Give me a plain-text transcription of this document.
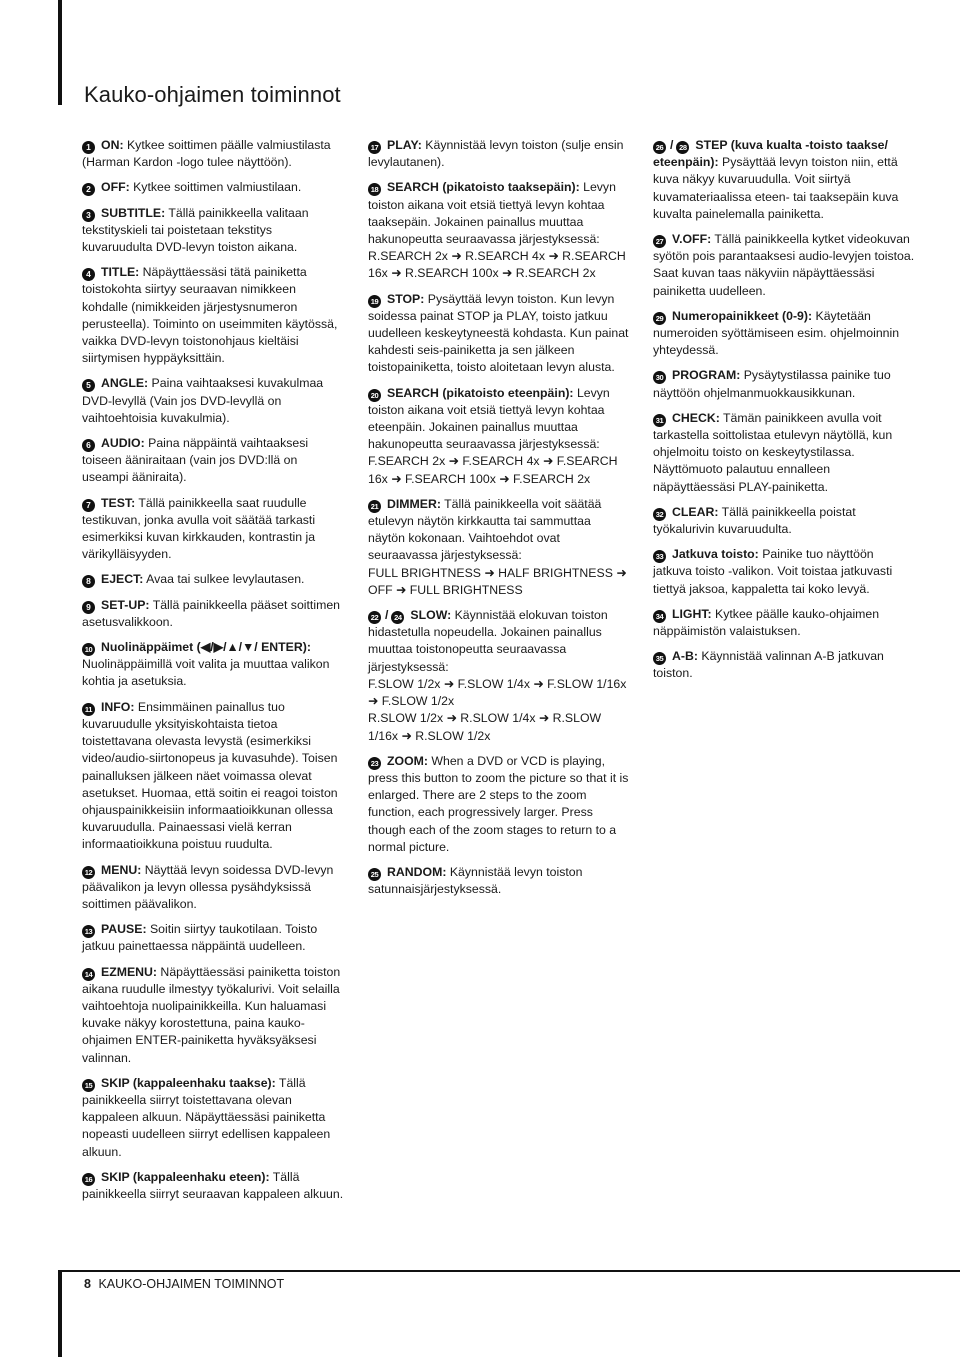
Kauko-ohjaimen toiminnot
1 ON: Kytkee soittimen päälle valmiustilasta (Harman Kardon -logo tulee näyttöön).
2 OFF: Kytkee soittimen valmiustilaan.
3 SUBTITLE: Tällä painikkeella valitaan tekstityskieli tai poistetaan tekstitys kuvaruudulta DVD-levyn toiston aikana.
4 TITLE: Näpäyttäessäsi tätä painiketta toistokohta siirtyy seuraavan nimikkeen kohdalle (nimikkeiden järjestysnumeron perusteella). Toiminto on useimmiten käytössä, vaikka DVD-levyn toistonohjaus kieltäisi siirtymisen hyppäyksittäin.
5 ANGLE: Paina vaihtaaksesi kuvakulmaa DVD-levyllä (Vain jos DVD-levyllä on vaihtoehtoisia kuvakulmia).
6 AUDIO: Paina näppäintä vaihtaaksesi toiseen ääniraitaan (vain jos DVD:llä on useampi ääniraita).
7 TEST: Tällä painikkeella saat ruudulle testikuvan, jonka avulla voit säätää tarkasti esimerkiksi kuvan kirkkauden, kontrastin ja värikylläisyyden.
8 EJECT: Avaa tai sulkee levylautasen.
9 SET-UP: Tällä painikkeella pääset soittimen asetusvalikkoon.
10 Nuolinäppäimet (◀/▶/▲/▼/ ENTER): Nuolinäppäimillä voit valita ja muuttaa valikon kohtia ja asetuksia.
11 INFO: Ensimmäinen painallus tuo kuvaruudulle yksityiskohtaista tietoa toistettavana olevasta levystä (esimerkiksi video/audio-siirtonopeus ja kuvasuhde). Toisen painalluksen jälkeen näet voimassa olevat asetukset. Huomaa, että soitin ei reagoi toiston ohjauspainikkeisiin informaatioikkunan ollessa kuvaruudulla. Painaessasi vielä kerran informaatioikkuna poistuu ruudulta.
12 MENU: Näyttää levyn soidessa DVD-levyn päävalikon ja levyn ollessa pysähdyksissä soittimen päävalikon.
13 PAUSE: Soitin siirtyy taukotilaan. Toisto jatkuu painettaessa näppäintä uudelleen.
14 EZMENU: Näpäyttäessäsi painiketta toiston aikana ruudulle ilmestyy työkalurivi. Voit selailla vaihtoehtoja nuolipainikkeilla. Kun haluamasi kuvake näkyy korostettuna, paina kauko-ohjaimen ENTER-painiketta hyväksyäksesi valinnan.
15 SKIP (kappaleenhaku taakse): Tällä painikkeella siirryt toistettavana olevan kappaleen alkuun. Näpäyttäessäsi painiketta nopeasti uudelleen siirryt edellisen kappaleen alkuun.
16 SKIP (kappaleenhaku eteen): Tällä painikkeella siirryt seuraavan kappaleen alkuun.
17 PLAY: Käynnistää levyn toiston (sulje ensin levylautanen).
18 SEARCH (pikatoisto taaksepäin): Levyn toiston aikana voit etsiä tiettyä levyn kohtaa taaksepäin. Jokainen painallus muuttaa hakunopeutta seuraavassa järjestyksessä:
R.SEARCH 2x ➜ R.SEARCH 4x ➜ R.SEARCH 16x ➜ R.SEARCH 100x ➜ R.SEARCH 2x
19 STOP: Pysäyttää levyn toiston. Kun levyn soidessa painat STOP ja PLAY, toisto jatkuu uudelleen keskeytyneestä kohdasta. Kun painat kahdesti seis-painiketta ja sen jälkeen toistopainiketta, toisto aloitetaan levyn alusta.
20 SEARCH (pikatoisto eteenpäin): Levyn toiston aikana voit etsiä tiettyä levyn kohtaa eteenpäin. Jokainen painallus muuttaa hakunopeutta seuraavassa järjestyksessä:
F.SEARCH 2x ➜ F.SEARCH 4x ➜ F.SEARCH 16x ➜ F.SEARCH 100x ➜ F.SEARCH 2x
21 DIMMER: Tällä painikkeella voit säätää etulevyn näytön kirkkautta tai sammuttaa näytön kokonaan. Vaihtoehdot ovat seuraavassa järjestyksessä:
FULL BRIGHTNESS ➜ HALF BRIGHTNESS ➜ OFF ➜ FULL BRIGHTNESS
22 / 24 SLOW: Käynnistää elokuvan toiston hidastetulla nopeudella. Jokainen painallus muuttaa toistonopeutta seuraavassa järjestyksessä:
F.SLOW 1/2x ➜ F.SLOW 1/4x ➜ F.SLOW 1/16x ➜ F.SLOW 1/2x
R.SLOW 1/2x ➜ R.SLOW 1/4x ➜ R.SLOW 1/16x ➜ R.SLOW 1/2x
23 ZOOM: When a DVD or VCD is playing, press this button to zoom the picture so that it is enlarged. There are 2 steps to the zoom function, each progressively larger. Press though each of the zoom stages to return to a normal picture.
25 RANDOM: Käynnistää levyn toiston satunnaisjärjestyksessä.
26 / 28 STEP (kuva kualta -toisto taakse/ eteenpäin): Pysäyttää levyn toiston niin, että kuva näkyy kuvaruudulla. Voit siirtyä kuvamateriaalissa eteen- tai taaksepäin kuva kuvalta painelemalla painiketta.
27 V.OFF: Tällä painikkeella kytket videokuvan syötön pois parantaaksesi audio-levyjen toistoa. Saat kuvan taas näkyviin näpäyttäessäsi painiketta uudelleen.
29 Numeropainikkeet (0-9): Käytetään numeroiden syöttämiseen esim. ohjelmoinnin yhteydessä.
30 PROGRAM: Pysäytystilassa painike tuo näyttöön ohjelmanmuokkausikkunan.
31 CHECK: Tämän painikkeen avulla voit tarkastella soittolistaa etulevyn näytöllä, kun ohjelmoitu toisto on keskeytystilassa. Näyttömuoto palautuu ennalleen näpäyttäessäsi PLAY-painiketta.
32 CLEAR: Tällä painikkeella poistat työkalurivin kuvaruudulta.
33 Jatkuva toisto: Painike tuo näyttöön jatkuva toisto -valikon. Voit toistaa jatkuvasti tiettyä jaksoa, kappaletta tai koko levyä.
34 LIGHT: Kytkee päälle kauko-ohjaimen näppäimistön valaistuksen.
35 A-B: Käynnistää valinnan A-B jatkuvan toiston.
8 KAUKO-OHJAIMEN TOIMINNOT
